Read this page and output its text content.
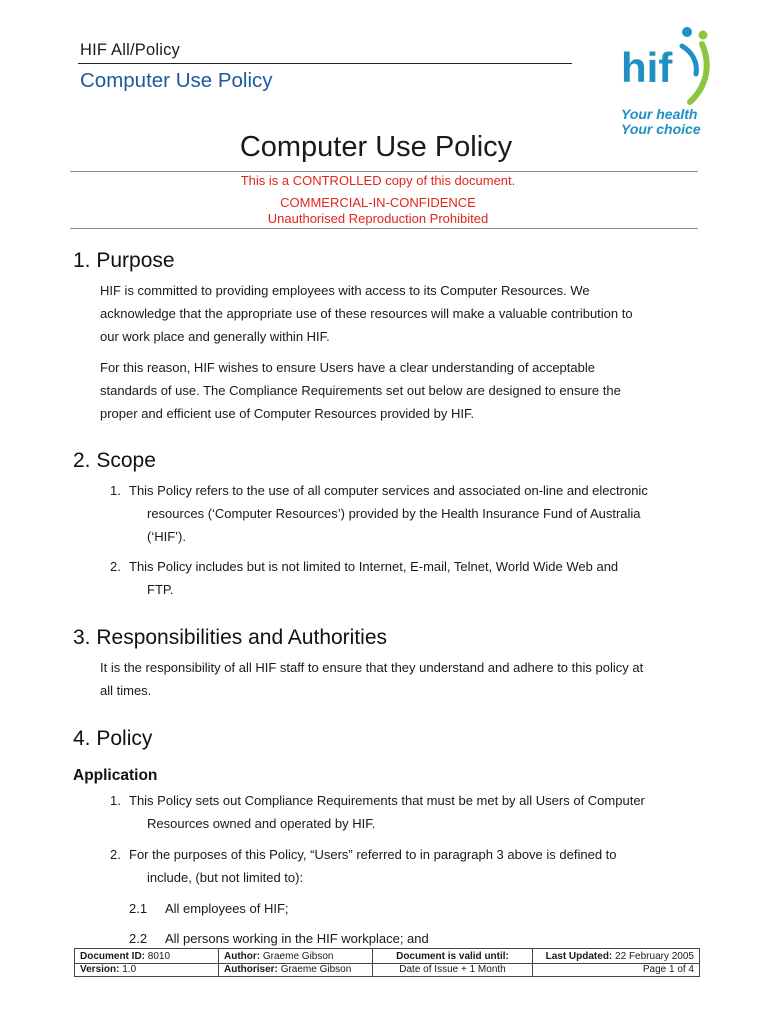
HIF All/Policy
Computer Use Policy	hif
Your health
Your choice
Computer Use Policy
This is a CONTROLLED copy of this document.
COMMERCIAL-IN-CONFIDENCE
Unauthorised Reproduction Prohibited
1. Purpose

HIF is committed to providing employees with access to its Computer Resources. We
acknowledge that the appropriate use of these resources will make a valuable contribution to
our work place and generally within HIF.

For this reason, HIF wishes to ensure Users have a clear understanding of acceptable
standards of use. The Compliance Requirements set out below are designed to ensure the
proper and efficient use of Computer Resources provided by HIF.

2. Scope
1. This Policy refers to the use of all computer services and associated on-line and electronic

resources (‘Computer Resources’) provided by the Health Insurance Fund of Australia
(‘HIF’).

2. This Policy includes but is not limited to Internet, E-mail, Telnet, World Wide Web and

FTP.

3. Responsibilities and Authorities

It is the responsibility of all HIF staff to ensure that they understand and adhere to this policy at
all times.

4. Policy
Application
1. This Policy sets out Compliance Requirements that must be met by all Users of Computer

Resources owned and operated by HIF.

2. For the purposes of this Policy, “Users” referred to in paragraph 3 above is defined to

include, (but not limited to):

2.1 All employees of HIF;
2.2 All persons working in the HIF workplace; and
Document ID: 8010
Version: 1.0
Author: Graeme Gibson
Authoriser: Graeme Gibson
Document is valid until:
Date of Issue + 1 Month
Last Updated: 22 February 2005
Page 1 of 4
